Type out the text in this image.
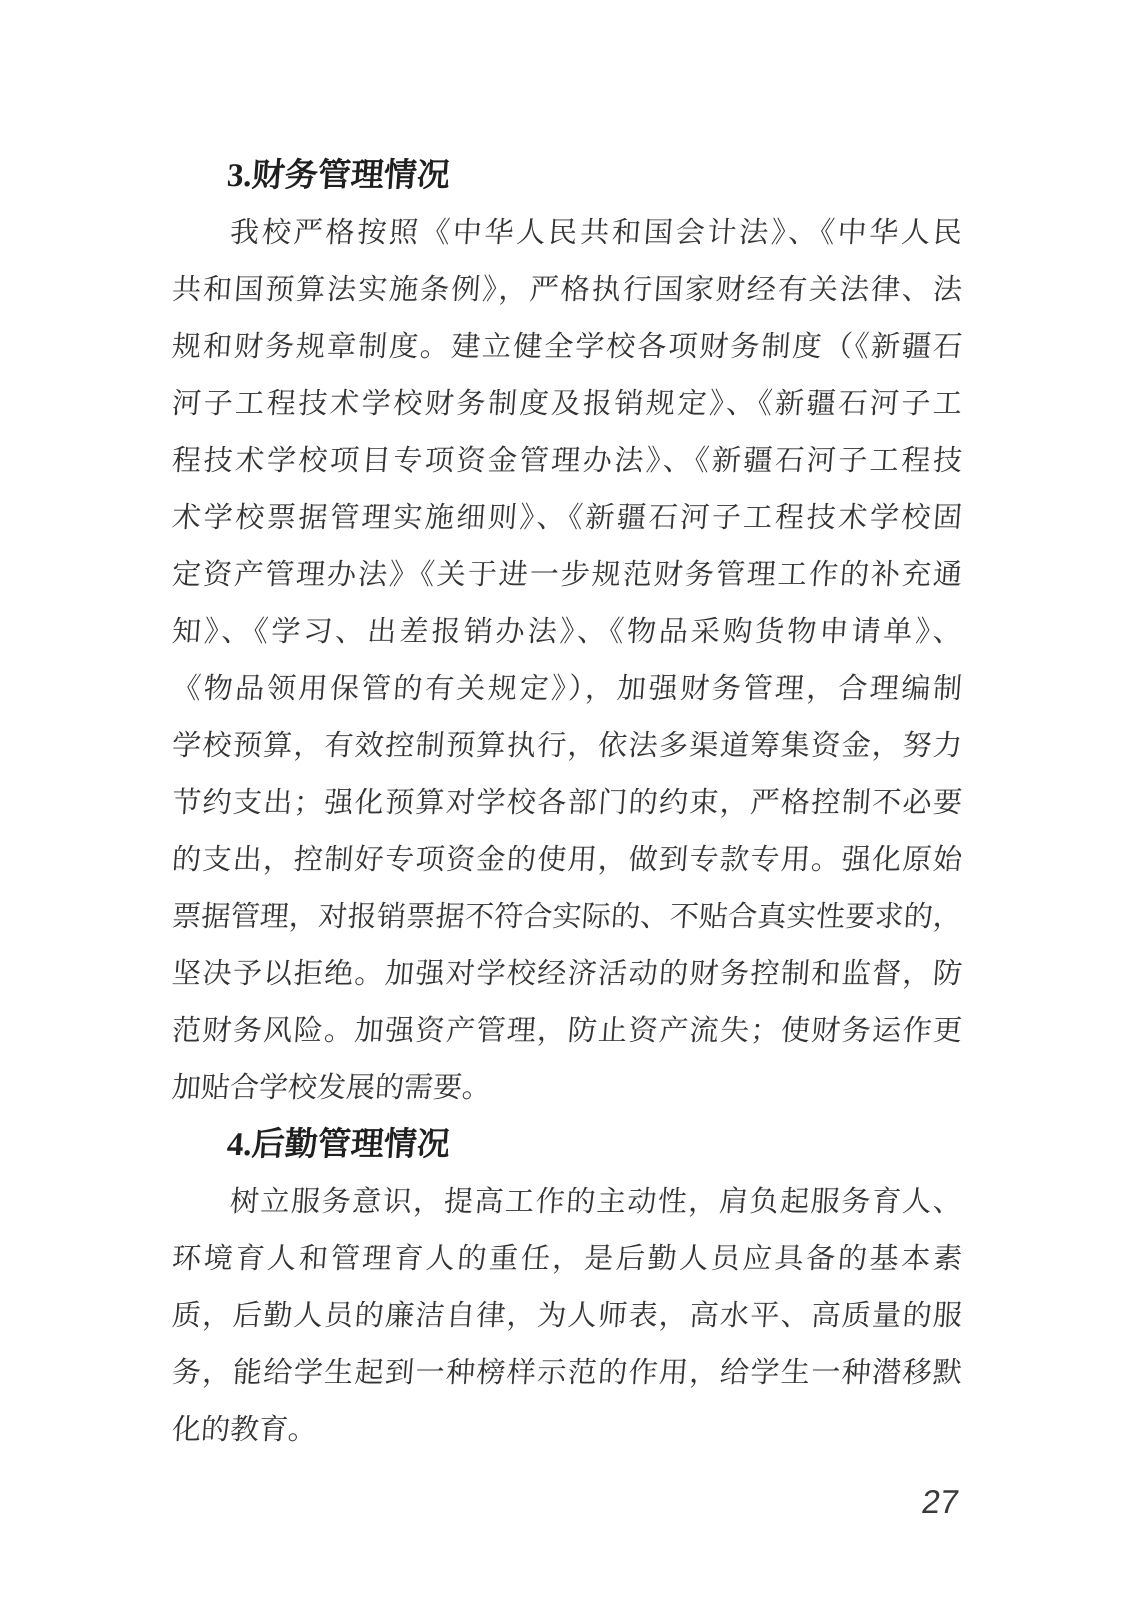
3.财务管理情况
我校严格按照《中华人民共和国会计法》、《中华人民
共和国预算法实施条例》，严格执行国家财经有关法律、法
规和财务规章制度。建立健全学校各项财务制度（《新疆石
河子工程技术学校财务制度及报销规定》、《新疆石河子工
程技术学校项目专项资金管理办法》、《新疆石河子工程技
术学校票据管理实施细则》、《新疆石河子工程技术学校固
定资产管理办法》《关于进一步规范财务管理工作的补充通
知》、《学习、出差报销办法》、《物品采购货物申请单》、
《物品领用保管的有关规定》），加强财务管理，合理编制
学校预算，有效控制预算执行，依法多渠道筹集资金，努力
节约支出；强化预算对学校各部门的约束，严格控制不必要
的支出，控制好专项资金的使用，做到专款专用。强化原始
票据管理，对报销票据不符合实际的、不贴合真实性要求的，
坚决予以拒绝。加强对学校经济活动的财务控制和监督，防
范财务风险。加强资产管理，防止资产流失；使财务运作更
加贴合学校发展的需要。
4.后勤管理情况
树立服务意识，提高工作的主动性，肩负起服务育人、
环境育人和管理育人的重任，是后勤人员应具备的基本素
质，后勤人员的廉洁自律，为人师表，高水平、高质量的服
务，能给学生起到一种榜样示范的作用，给学生一种潜移默
化的教育。
27
